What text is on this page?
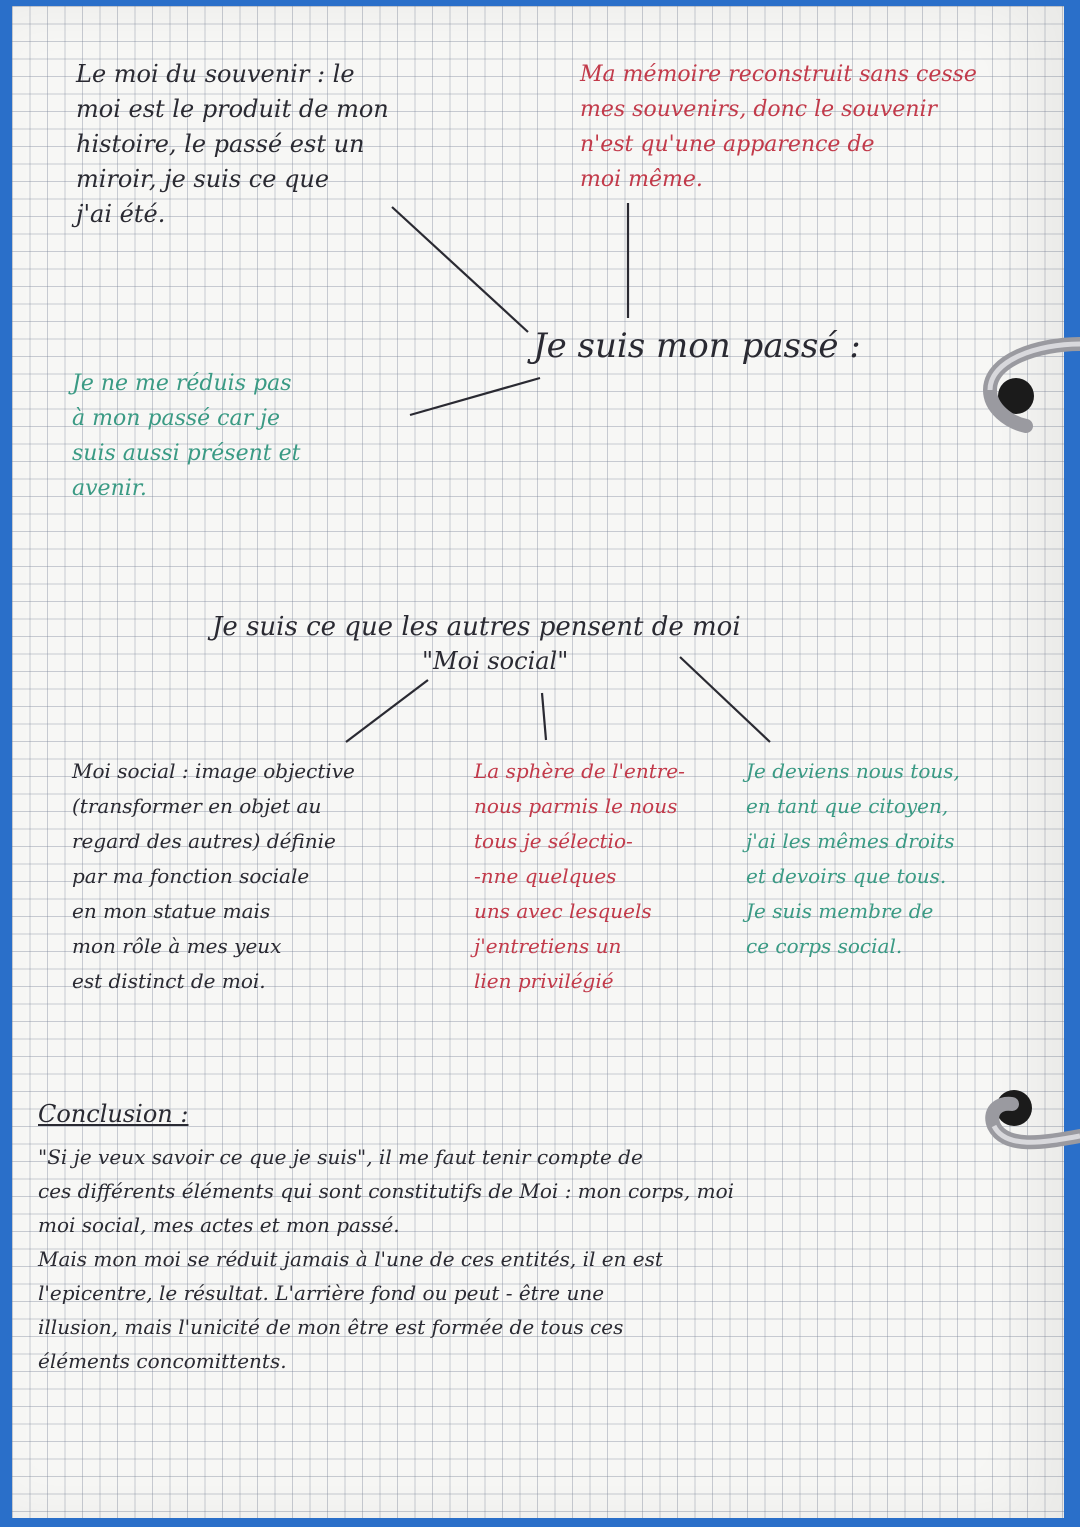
Le moi du souvenir : le
moi est le produit de mon
histoire, le passé est un
miroir, je suis ce que
j'ai été.

Ma mémoire reconstruit sans cesse
mes souvenirs, donc le souvenir
n'est qu'une apparence de
moi même.

Je suis mon passé :

Je ne me réduis pas
à mon passé car je
suis aussi présent et
avenir.

Je suis ce que les autres pensent de moi
"Moi social"

Moi social : image objective
(transformer en objet au
regard des autres) définie
par ma fonction sociale
en mon statue mais
mon rôle à mes yeux
est distinct de moi.

La sphère de l'entre-
nous parmis le nous
tous je sélectio-
-nne quelques
uns avec lesquels
j'entretiens un
lien privilégié

Je deviens nous tous,
en tant que citoyen,
j'ai les mêmes droits
et devoirs que tous.
Je suis membre de
ce corps social.

Conclusion :

"Si je veux savoir ce que je suis", il me faut tenir compte de
ces différents éléments qui sont constitutifs de Moi : mon corps, moi
moi social, mes actes et mon passé.
Mais mon moi se réduit jamais à l'une de ces entités, il en est
l'epicentre, le résultat. L'arrière fond ou peut - être une
illusion, mais l'unicité de mon être est formée de tous ces
éléments concomittents.
